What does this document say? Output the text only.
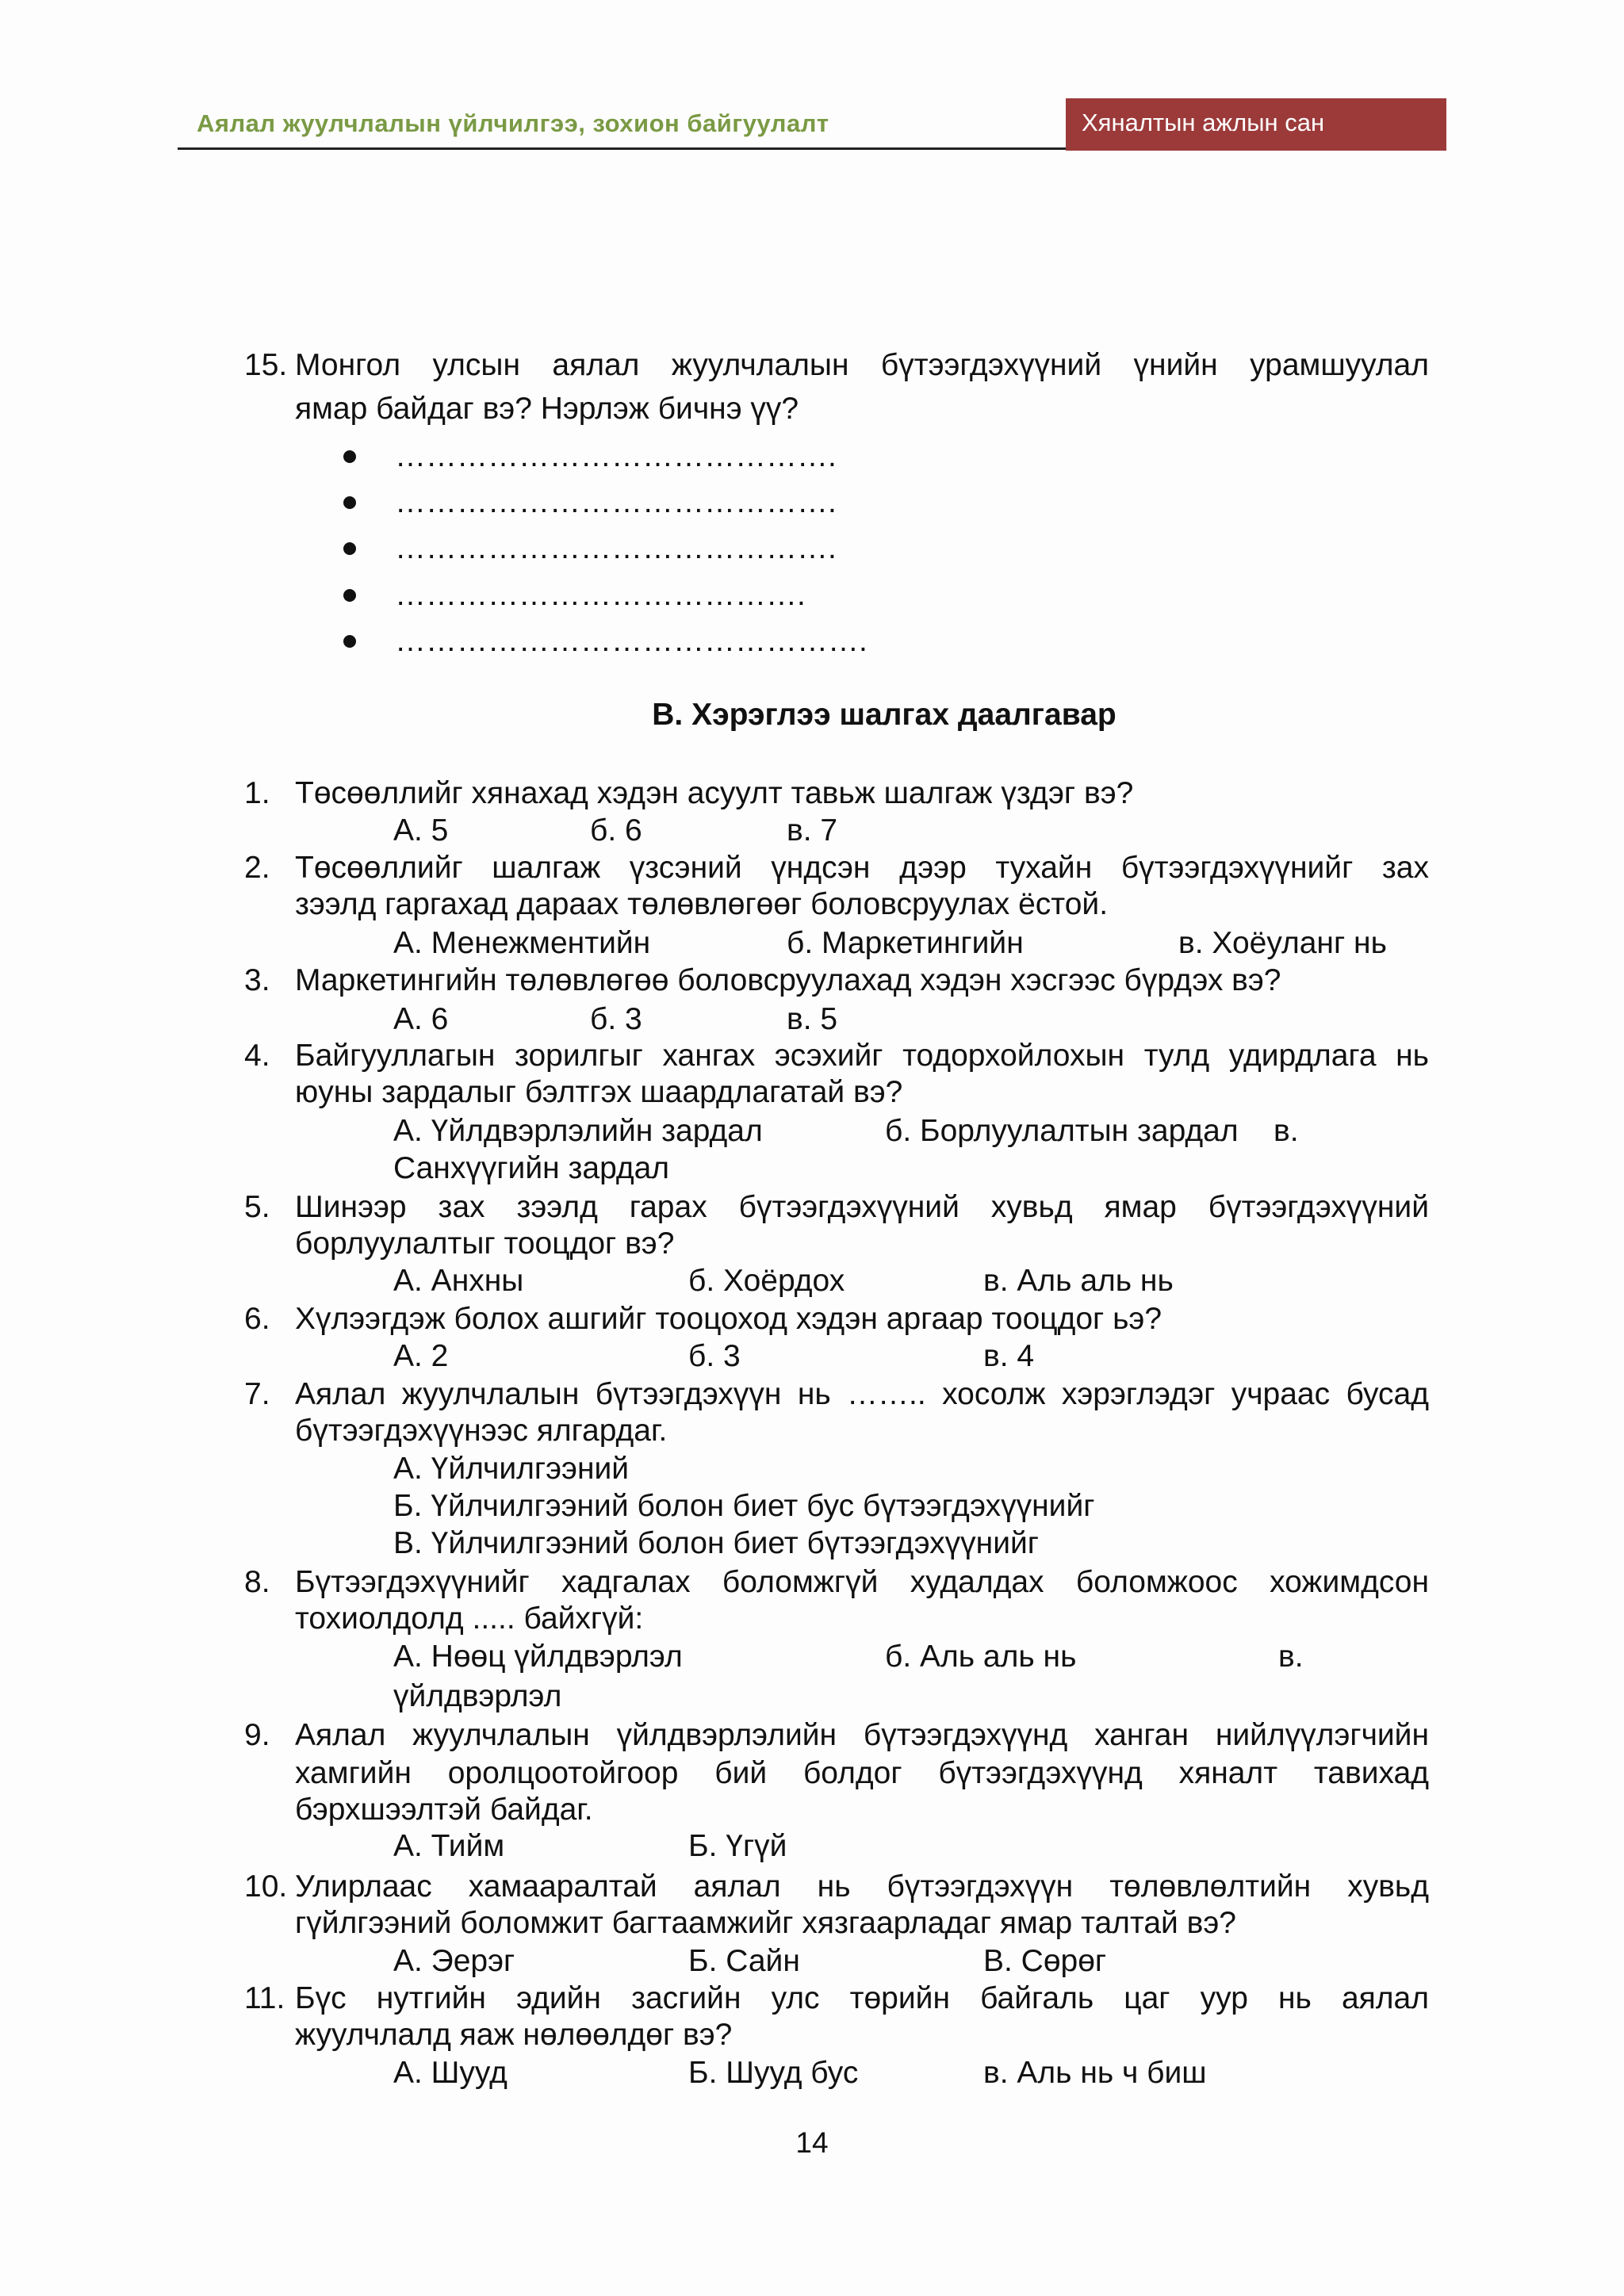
Аялал жуулчлалын үйлчилгээ, зохион байгуулалт	Хяналтын ажлын сан
15. Монгол улсын аялал жуулчлалын бүтээгдэхүүний үнийн урамшуулал
ямар байдаг вэ? Нэрлэж бичнэ үү?
…………………………………….
…………………………………….
…………………………………….
………………………………….
……………………………………….
В. Хэрэглээ шалгах даалгавар
1. Төсөөллийг хянахад хэдэн асуулт тавьж шалгаж үздэг вэ?
А. 5	б. 6	в. 7
2. Төсөөллийг шалгаж үзсэний үндсэн дээр тухайн бүтээгдэхүүнийг зах
зээлд гаргахад дараах төлөвлөгөөг боловсруулах ёстой.
А. Менежментийн	б. Маркетингийн	в. Хоёуланг нь
3. Маркетингийн төлөвлөгөө боловсруулахад хэдэн хэсгээс бүрдэх вэ?
А. 6	б. 3	в. 5
4. Байгууллагын зорилгыг хангах эсэхийг тодорхойлохын тулд удирдлага нь
юуны зардалыг бэлтгэх шаардлагатай вэ?
А. Үйлдвэрлэлийн зардал	б. Борлуулалтын зардал в.
Санхүүгийн зардал
5. Шинээр зах зээлд гарах бүтээгдэхүүний хувьд ямар бүтээгдэхүүний
борлуулалтыг тооцдог вэ?
А. Анхны	б. Хоёрдох	в. Аль аль нь
6. Хүлээгдэж болох ашгийг тооцоход хэдэн аргаар тооцдог ьэ?
А. 2	б. 3	в. 4
7. Аялал жуулчлалын бүтээгдэхүүн нь …….. хосолж хэрэглэдэг учраас бусад
бүтээгдэхүүнээс ялгардаг.
А. Үйлчилгээний
Б. Үйлчилгээний болон биет бус бүтээгдэхүүнийг
В. Үйлчилгээний болон биет бүтээгдэхүүнийг
8. Бүтээгдэхүүнийг хадгалах боломжгүй худалдах боломжоос хожимдсон
тохиолдолд ..... байхгүй:
А. Нөөц үйлдвэрлэл	б. Аль аль нь	в.
үйлдвэрлэл
9. Аялал жуулчлалын үйлдвэрлэлийн бүтээгдэхүүнд ханган нийлүүлэгчийн
хамгийн оролцоотойгоор бий болдог бүтээгдэхүүнд хяналт тавихад
бэрхшээлтэй байдаг.
А. Тийм	Б. Үгүй
10. Улирлаас хамааралтай аялал нь бүтээгдэхүүн төлөвлөлтийн хувьд
гүйлгээний боломжит багтаамжийг хязгаарладаг ямар талтай вэ?
А. Эерэг	Б. Сайн	В. Сөрөг
11. Бүс нутгийн эдийн засгийн улс төрийн байгаль цаг уур нь аялал
жуулчлалд яаж нөлөөлдөг вэ?
А. Шууд	Б. Шууд бус	в. Аль нь ч биш
14
